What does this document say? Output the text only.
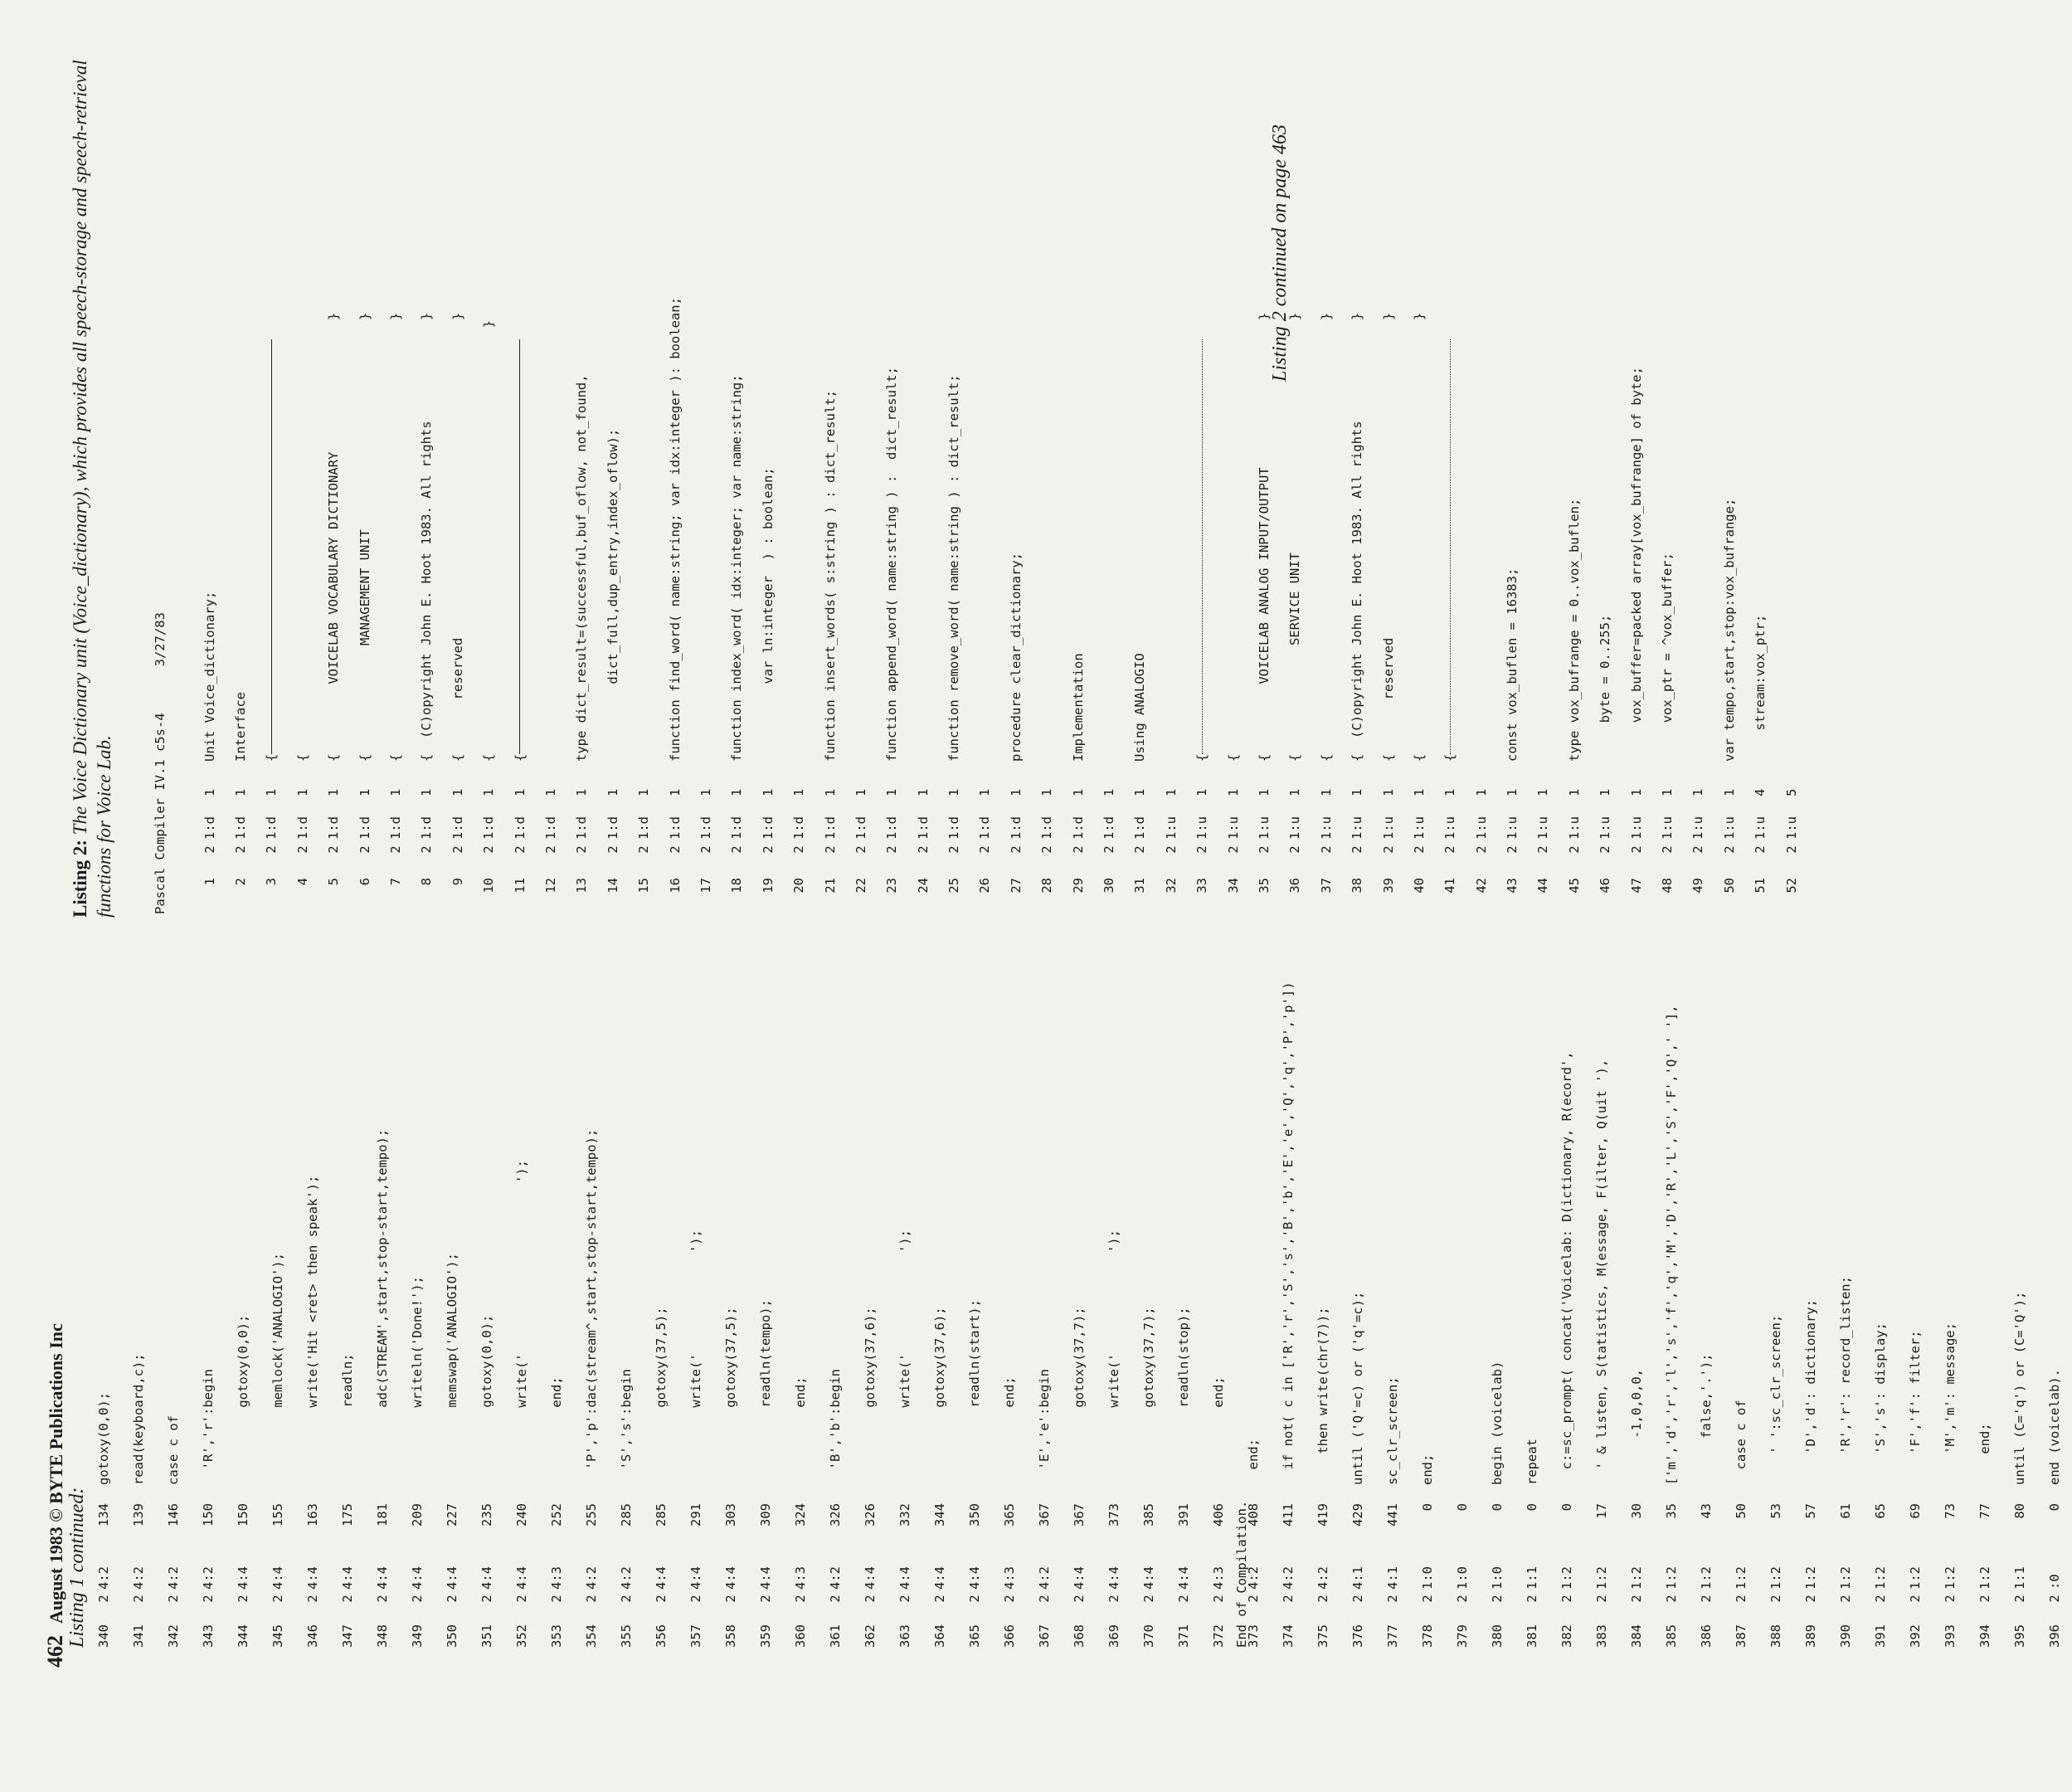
462August 1983 © BYTE Publications Inc Listing 1 continued: 340
2
4:2
134
gotoxy(0,0);
341
2
4:2
139
read(keyboard,c);
342
2
4:2
146
case c of
343
2
4:2
150
'R','r':begin
344
2
4:4
150
gotoxy(0,0);
345
2
4:4
155
memlock('ANALOGIO');
346
2
4:4
163
write('Hit <ret> then speak');
347
2
4:4
175
readln;
348
2
4:4
181
adc(STREAM',start,stop-start,tempo);
349
2
4:4
209
writeln('Done!');
350
2
4:4
227
memswap('ANALOGIO');
351
2
4:4
235
gotoxy(0,0);
352
2
4:4
240
write('                      ');
353
2
4:3
252
end;
354
2
4:2
255
'P','p':dac(stream^,start,stop-start,tempo);
355
2
4:2
285
'S','s':begin
356
2
4:4
285
gotoxy(37,5);
357
2
4:4
291
write('             ');
358
2
4:4
303
gotoxy(37,5);
359
2
4:4
309
readln(tempo);
360
2
4:3
324
end;
361
2
4:2
326
'B','b':begin
362
2
4:4
326
gotoxy(37,6);
363
2
4:4
332
write('             ');
364
2
4:4
344
gotoxy(37,6);
365
2
4:4
350
readln(start);
366
2
4:3
365
end;
367
2
4:2
367
'E','e':begin
368
2
4:4
367
gotoxy(37,7);
369
2
4:4
373
write('             ');
370
2
4:4
385
gotoxy(37,7);
371
2
4:4
391
readln(stop);
372
2
4:3
406
end;
373
2
4:2
408
end;
374
2
4:2
411
if not( c in ['R','r','S','s','B','b','E','e','Q','q','P','p'])
375
2
4:2
419
then write(chr(7));
376
2
4:1
429
until ('Q'=c) or ('q'=c);
377
2
4:1
441
sc_clr_screen;
378
2
1:0
0
end;
379
2
1:0
0
380
2
1:0
0
begin (voicelab)
381
2
1:1
0
repeat
382
2
1:2
0
c:=sc_prompt( concat('Voicelab: D(ictionary, R(ecord',
383
2
1:2
17
' & listen, S(tatistics, M(essage, F(ilter, Q(uit '),
384
2
1:2
30
-1,0,0,0,
385
2
1:2
35
['m','d','r','l','s','f','q','M','D','R','L','S','F','Q',' '],
386
2
1:2
43
false,'.');
387
2
1:2
50
case c of
388
2
1:2
53
' ':sc_clr_screen;
389
2
1:2
57
'D','d': dictionary;
390
2
1:2
61
'R','r': record_listen;
391
2
1:2
65
'S','s': display;
392
2
1:2
69
'F','f': filter;
393
2
1:2
73
'M','m': message;
394
2
1:2
77
end;
395
2
1:1
80
until (C='q') or (C='Q');
396
2
:0
0
end (voicelab).
End of Compilation.
Listing 2: The Voice Dictionary unit (Voice_dictionary), which provides all speech-storage and speech-retrieval functions for Voice Lab.	Pascal Compiler IV.1 c5s-4      3/27/83	1
2
1:d
1
Unit Voice_dictionary;
2
2
1:d
1
Interface
3
2
1:d
1
{
4
2
1:d
1
{
5
2
1:d
1
{         VOICELAB VOCABULARY DICTIONARY                 }
6
2
1:d
1
{              MANAGEMENT UNIT                           }
7
2
1:d
1
{                                                        }
8
2
1:d
1
{  (C)opyright John E. Hoot 1983. All rights             }
9
2
1:d
1
{       reserved                                         }
10
2
1:d
1
{                                                       }
11
2
1:d
1
{
12
2
1:d
1
13
2
1:d
1
type dict_result=(successful,buf_oflow, not_found,
14
2
1:d
1
dict_full,dup_entry,index_oflow);
15
2
1:d
1
16
2
1:d
1
function find_word( name:string; var idx:integer ): boolean;
17
2
1:d
1
18
2
1:d
1
function index_word( idx:integer; var name:string;
19
2
1:d
1
var ln:integer  ) : boolean;
20
2
1:d
1
21
2
1:d
1
function insert_words( s:string ) : dict_result;
22
2
1:d
1
23
2
1:d
1
function append_word( name:string ) :  dict_result;
24
2
1:d
1
25
2
1:d
1
function remove_word( name:string ) : dict_result;
26
2
1:d
1
27
2
1:d
1
procedure clear_dictionary;
28
2
1:d
1
29
2
1:d
1
Implementation
30
2
1:d
1
31
2
1:d
1
Using ANALOGIO
32
2
1:u
1
33
2
1:u
1
{
34
2
1:u
1
{
35
2
1:u
1
{         VOICELAB ANALOG INPUT/OUTPUT                   }
36
2
1:u
1
{              SERVICE UNIT                              }
37
2
1:u
1
{                                                        }
38
2
1:u
1
{  (C)opyright John E. Hoot 1983. All rights             }
39
2
1:u
1
{       reserved                                         }
40
2
1:u
1
{                                                        }
41
2
1:u
1
{
42
2
1:u
1
43
2
1:u
1
const vox_buflen = 16383;
44
2
1:u
1
45
2
1:u
1
type vox_bufrange = 0..vox_buflen;
46
2
1:u
1
byte = 0..255;
47
2
1:u
1
vox_buffer=packed array[vox_bufrange] of byte;
48
2
1:u
1
vox_ptr = ^vox_buffer;
49
2
1:u
1
50
2
1:u
1
var tempo,start,stop:vox_bufrange;
51
2
1:u
4
stream:vox_ptr;
52
2
1:u
5
Listing 2 continued on page 463
